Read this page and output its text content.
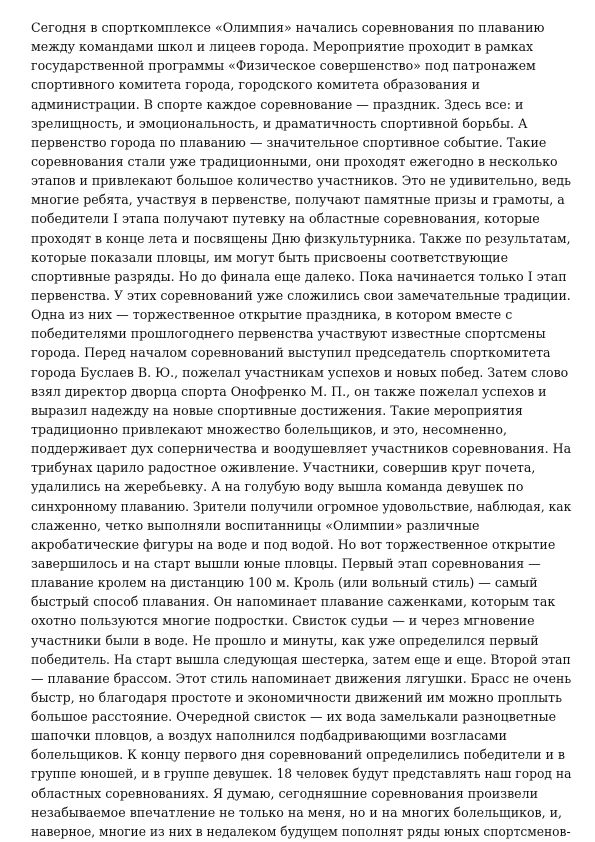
Сегодня в спорткомплексе «Олимпия» начались соревнования по плаванию
между командами школ и лицеев города. Мероприятие проходит в рамках
государственной программы «Физическое совершенство» под патронажем
спортивного комитета города, городского комитета образования и
администрации. В спорте каждое соревнование — праздник. Здесь все: и
зрелищность, и эмоциональность, и драматичность спортивной борьбы. А
первенство города по плаванию — значительное спортивное событие. Такие
соревнования стали уже традиционными, они проходят ежегодно в несколько
этапов и привлекают большое количество участников. Это не удивительно, ведь
многие ребята, участвуя в первенстве, получают памятные призы и грамоты, а
победители I этапа получают путевку на областные соревнования, которые
проходят в конце лета и посвящены Дню физкультурника. Также по результатам,
которые показали пловцы, им могут быть присвоены соответствующие
спортивные разряды. Но до финала еще далеко. Пока начинается только I этап
первенства. У этих соревнований уже сложились свои замечательные традиции.
Одна из них — торжественное открытие праздника, в котором вместе с
победителями прошлогоднего первенства участвуют известные спортсмены
города. Перед началом соревнований выступил председатель спорткомитета
города Буслаев В. Ю., пожелал участникам успехов и новых побед. Затем слово
взял директор дворца спорта Онофренко М. П., он также пожелал успехов и
выразил надежду на новые спортивные достижения. Такие мероприятия
традиционно привлекают множество болельщиков, и это, несомненно,
поддерживает дух соперничества и воодушевляет участников соревнования. На
трибунах царило радостное оживление. Участники, совершив круг почета,
удалились на жеребьевку. А на голубую воду вышла команда девушек по
синхронному плаванию. Зрители получили огромное удовольствие, наблюдая, как
слаженно, четко выполняли воспитанницы «Олимпии» различные
акробатические фигуры на воде и под водой. Но вот торжественное открытие
завершилось и на старт вышли юные пловцы. Первый этап соревнования —
плавание кролем на дистанцию 100 м. Кроль (или вольный стиль) — самый
быстрый способ плавания. Он напоминает плавание саженками, которым так
охотно пользуются многие подростки. Свисток судьи — и через мгновение
участники были в воде. Не прошло и минуты, как уже определился первый
победитель. На старт вышла следующая шестерка, затем еще и еще. Второй этап
— плавание брассом. Этот стиль напоминает движения лягушки. Брасс не очень
быстр, но благодаря простоте и экономичности движений им можно проплыть
большое расстояние. Очередной свисток — их вода замелькали разноцветные
шапочки пловцов, а воздух наполнился подбадривающими возгласами
болельщиков. К концу первого дня соревнований определились победители и в
группе юношей, и в группе девушек. 18 человек будут представлять наш город на
областных соревнованиях. Я думаю, сегодняшние соревнования произвели
незабываемое впечатление не только на меня, но и на многих болельщиков, и,
наверное, многие из них в недалеком будущем пополнят ряды юных спортсменов-
